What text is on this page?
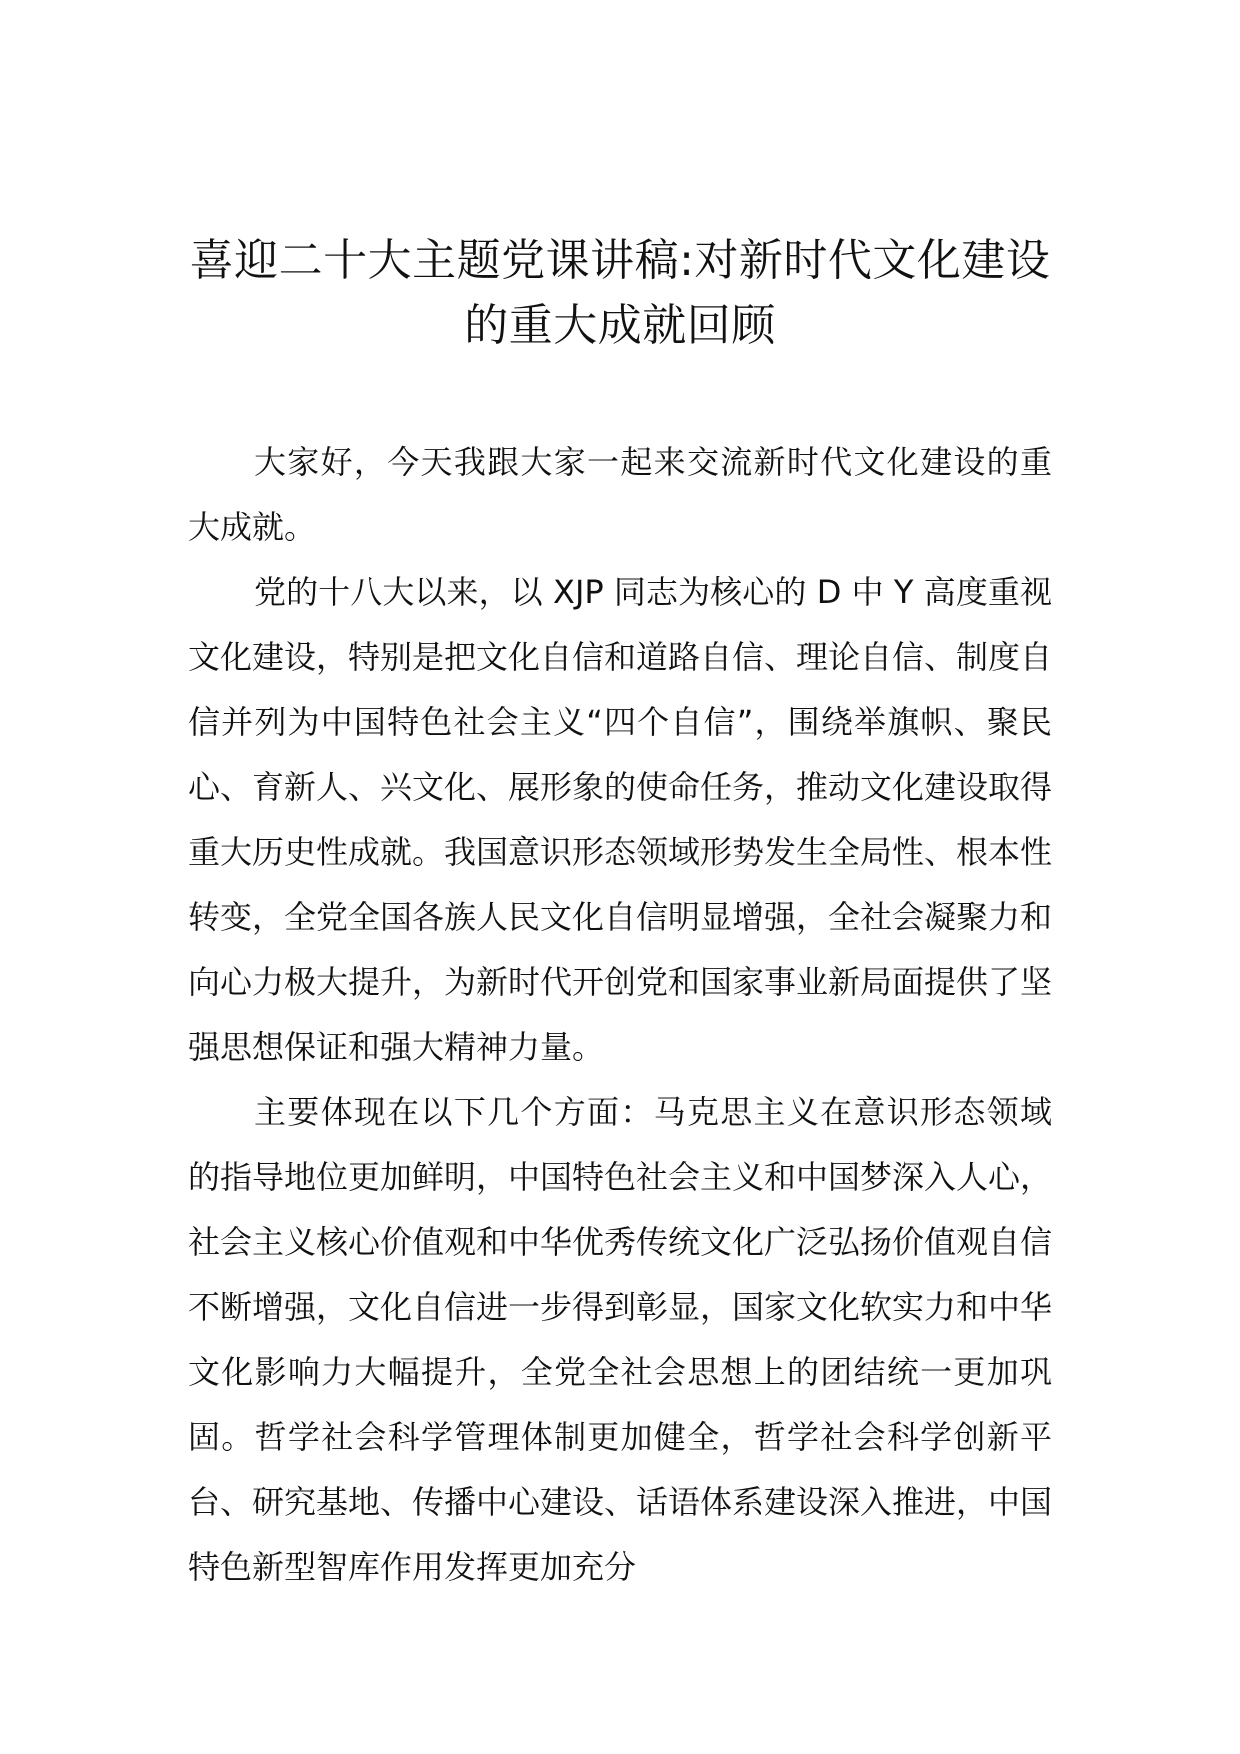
喜迎二十大主题党课讲稿:对新时代文化建设的重大成就回顾

大家好，今天我跟大家一起来交流新时代文化建设的重大成就。

党的十八大以来，以 XJP 同志为核心的 D 中 Y 高度重视文化建设，特别是把文化自信和道路自信、理论自信、制度自信并列为中国特色社会主义“四个自信”，围绕举旗帜、聚民心、育新人、兴文化、展形象的使命任务，推动文化建设取得重大历史性成就。我国意识形态领域形势发生全局性、根本性转变，全党全国各族人民文化自信明显增强，全社会凝聚力和向心力极大提升，为新时代开创党和国家事业新局面提供了坚强思想保证和强大精神力量。

主要体现在以下几个方面：马克思主义在意识形态领域的指导地位更加鲜明，中国特色社会主义和中国梦深入人心，社会主义核心价值观和中华优秀传统文化广泛弘扬价值观自信不断增强，文化自信进一步得到彰显，国家文化软实力和中华文化影响力大幅提升，全党全社会思想上的团结统一更加巩固。哲学社会科学管理体制更加健全，哲学社会科学创新平台、研究基地、传播中心建设、话语体系建设深入推进，中国特色新型智库作用发挥更加充分
